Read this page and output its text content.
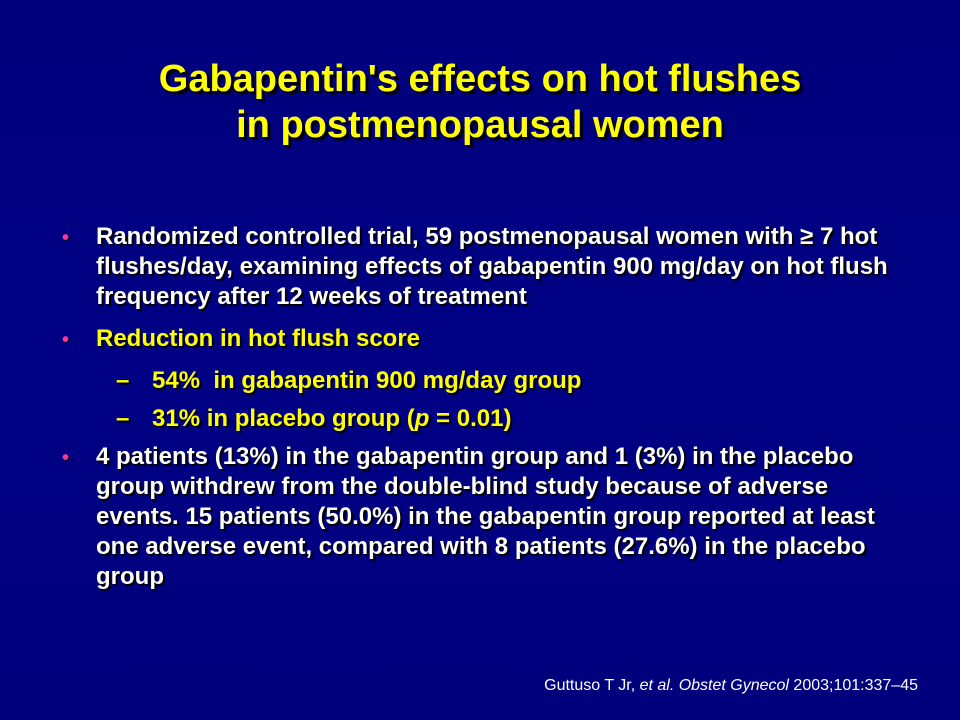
Gabapentin's effects on hot flushes
in postmenopausal women
• Randomized controlled trial, 59 postmenopausal women with ≥ 7 hot flushes/day, examining effects of gabapentin 900 mg/day on hot flush frequency after 12 weeks of treatment
• Reduction in hot flush score
– 54%  in gabapentin 900 mg/day group
– 31% in placebo group (p = 0.01)
• 4 patients (13%) in the gabapentin group and 1 (3%) in the placebo group withdrew from the double-blind study because of adverse events. 15 patients (50.0%) in the gabapentin group reported at least one adverse event, compared with 8 patients (27.6%) in the placebo group
Guttuso T Jr, et al. Obstet Gynecol 2003;101:337–45
